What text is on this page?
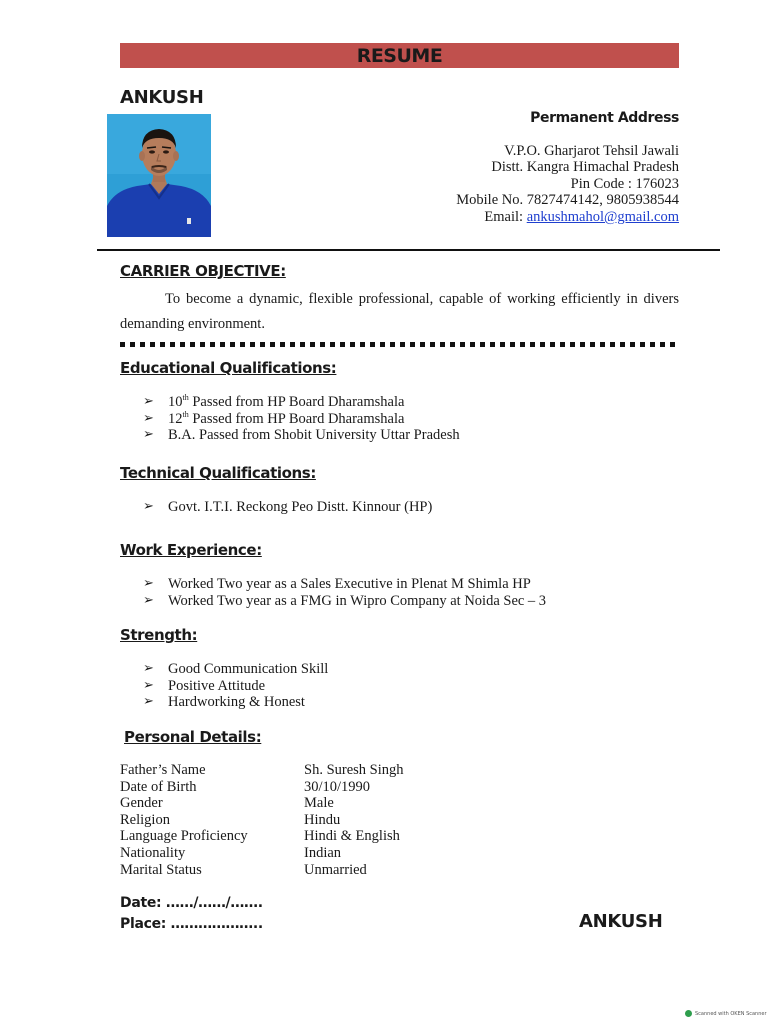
RESUME
ANKUSH
Permanent Address
V.P.O. Gharjarot Tehsil Jawali
Distt. Kangra Himachal Pradesh
Pin Code : 176023
Mobile No. 7827474142, 9805938544
Email: ankushmahol@gmail.com
CARRIER OBJECTIVE:
To become a dynamic, flexible professional, capable of working efficiently in divers demanding environment.
Educational Qualifications:
➢ 10th Passed from HP Board Dharamshala
➢ 12th Passed from HP Board Dharamshala
➢ B.A. Passed from Shobit University Uttar Pradesh
Technical Qualifications:
➢ Govt. I.T.I. Reckong Peo Distt. Kinnour (HP)
Work Experience:
➢ Worked Two year as a Sales Executive in Plenat M Shimla HP
➢ Worked Two year as a FMG in Wipro Company at Noida Sec – 3
Strength:
➢ Good Communication Skill
➢ Positive Attitude
➢ Hardworking & Honest
Personal Details:
Father’s Name	Sh. Suresh Singh
Date of Birth	30/10/1990
Gender	Male
Religion	Hindu
Language Proficiency	Hindi & English
Nationality	Indian
Marital Status	Unmarried
Date: ……/……/…….
Place: ………………..	ANKUSH
Scanned with OKEN Scanner
